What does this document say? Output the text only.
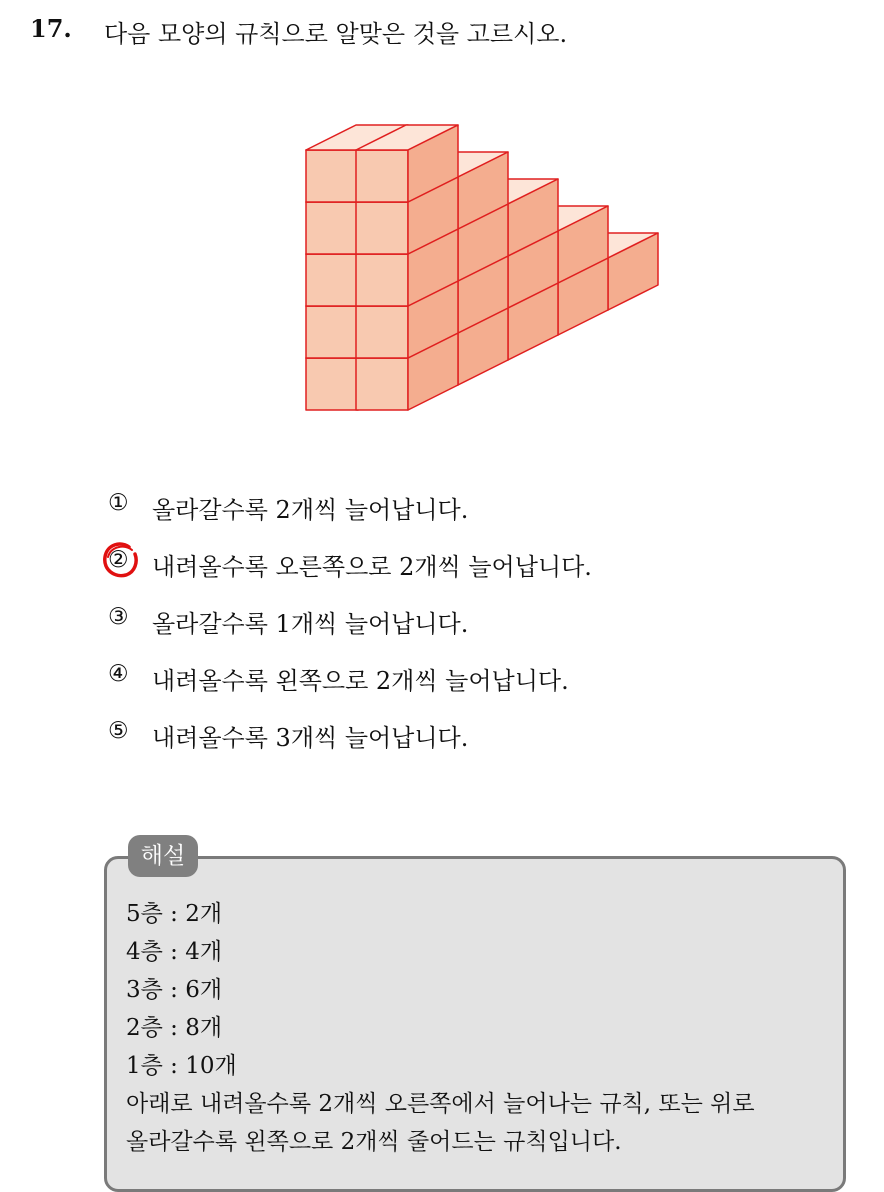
17. 다음 모양의 규칙으로 알맞은 것을 고르시오.
① 올라갈수록 2개씩 늘어납니다.
② 내려올수록 오른쪽으로 2개씩 늘어납니다.
③ 올라갈수록 1개씩 늘어납니다.
④ 내려올수록 왼쪽으로 2개씩 늘어납니다.
⑤ 내려올수록 3개씩 늘어납니다.
해설
5층 : 2개
4층 : 4개
3층 : 6개
2층 : 8개
1층 : 10개
아래로 내려올수록 2개씩 오른쪽에서 늘어나는 규칙, 또는 위로
올라갈수록 왼쪽으로 2개씩 줄어드는 규칙입니다.
